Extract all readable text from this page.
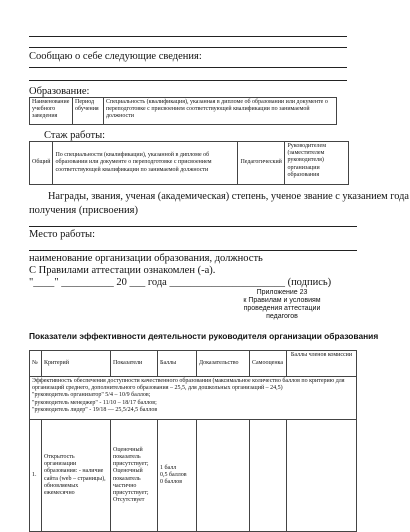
Сообщаю о себе следующие сведения:
Образование:
Наименование учебного заведения	Период обучения	Специальность (квалификация), указанная в дипломе об образовании или документе о переподготовке с присвоением соответствующей квалификации по занимаемой должности
Стаж работы:
Общий	По специальности (квалификации), указанной в дипломе об образовании или документе о переподготовке с присвоением соответствующей квалификации по занимаемой должности	Педагогический	Руководителем (заместителем руководителя) организации образования
Награды, звания, ученая (академическая) степень, ученое звание с указанием года
получения (присвоения)
Место работы:
наименование организации образования, должность
С Правилами аттестации ознакомлен (-а).
"____" __________ 20 ___ года ______________________ (подпись)
Приложение 23
к Правилам и условиям
проведения аттестации
педагогов
Показатели эффективности деятельности руководителя организации образования
№	Критерий	Показатели	Баллы	Доказательство	Самооценка	Баллы членов комиссии

Эффективность обеспечения доступности качественного образования (максимальное количество баллов по критерию для организаций среднего, дополнительного образования – 25,5, для дошкольных организаций – 24,5)
"руководитель организатор" 5/4 – 10/9 баллов;
"руководитель менеджер" - 11/10 – 18/17 баллов;
"руководитель лидер" - 19/18 — 25,5/24,5 баллов						

1.	Открытость организации образования: - наличие сайта (web – страницы), обновляемых ежемесячно	Оценочный показатель присутствует; Оценочный показатель частично присутствует; Отсутствует	1 балл
0,5 баллов
0 баллов			
